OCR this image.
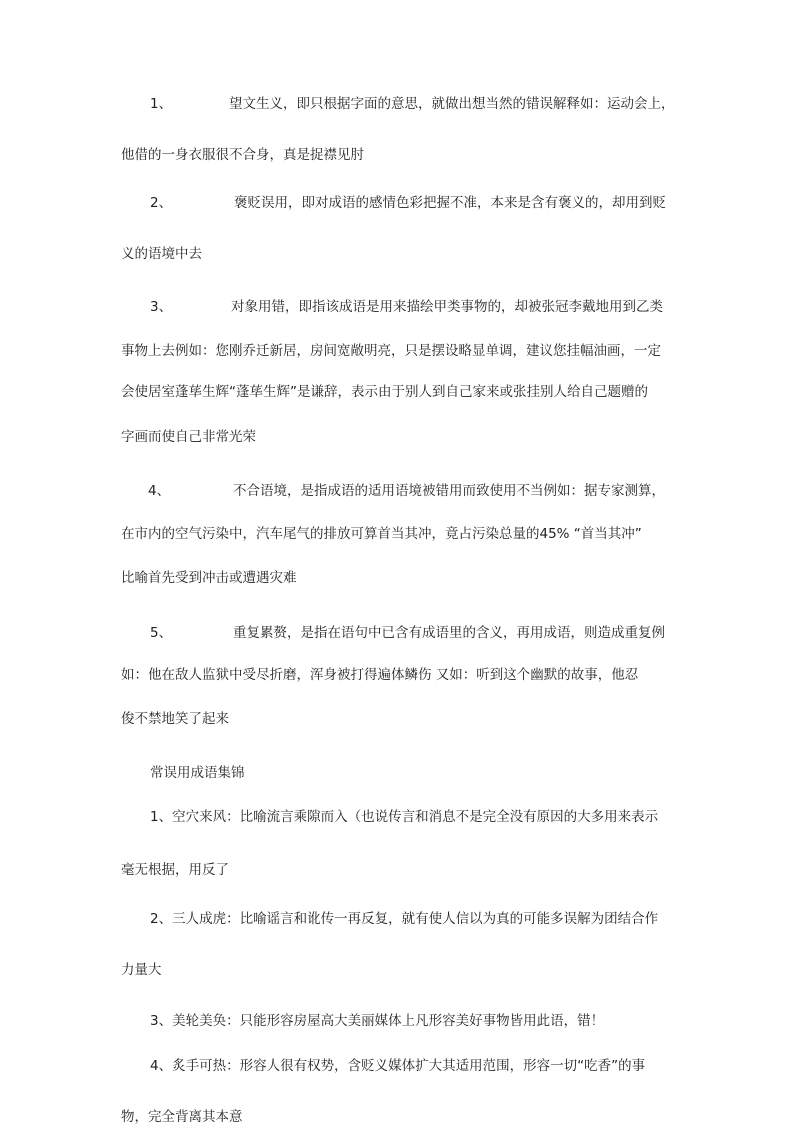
1、	望文生义，即只根据字面的意思，就做出想当然的错误解释如：运动会上，
他借的一身衣服很不合身，真是捉襟见肘
2、	褒贬误用，即对成语的感情色彩把握不准，本来是含有褒义的，却用到贬
义的语境中去
3、	对象用错，即指该成语是用来描绘甲类事物的，却被张冠李戴地用到乙类
事物上去例如：您刚乔迁新居，房间宽敞明亮，只是摆设略显单调，建议您挂幅油画，一定
会使居室蓬荜生辉“蓬荜生辉”是谦辞，表示由于别人到自己家来或张挂别人给自己题赠的
字画而使自己非常光荣
4、	不合语境，是指成语的适用语境被错用而致使用不当例如：据专家测算，
在市内的空气污染中，汽车尾气的排放可算首当其冲，竟占污染总量的45% “首当其冲”
比喻首先受到冲击或遭遇灾难
5、	重复累赘，是指在语句中已含有成语里的含义，再用成语，则造成重复例
如：他在敌人监狱中受尽折磨，浑身被打得遍体鳞伤 又如：听到这个幽默的故事，他忍
俊不禁地笑了起来
常误用成语集锦
1、空穴来风：比喻流言乘隙而入（也说传言和消息不是完全没有原因的大多用来表示
毫无根据，用反了
2、三人成虎：比喻谣言和讹传一再反复，就有使人信以为真的可能多误解为团结合作
力量大
3、美轮美奂：只能形容房屋高大美丽媒体上凡形容美好事物皆用此语，错！
4、炙手可热：形容人很有权势，含贬义媒体扩大其适用范围，形容一切“吃香”的事
物，完全背离其本意
